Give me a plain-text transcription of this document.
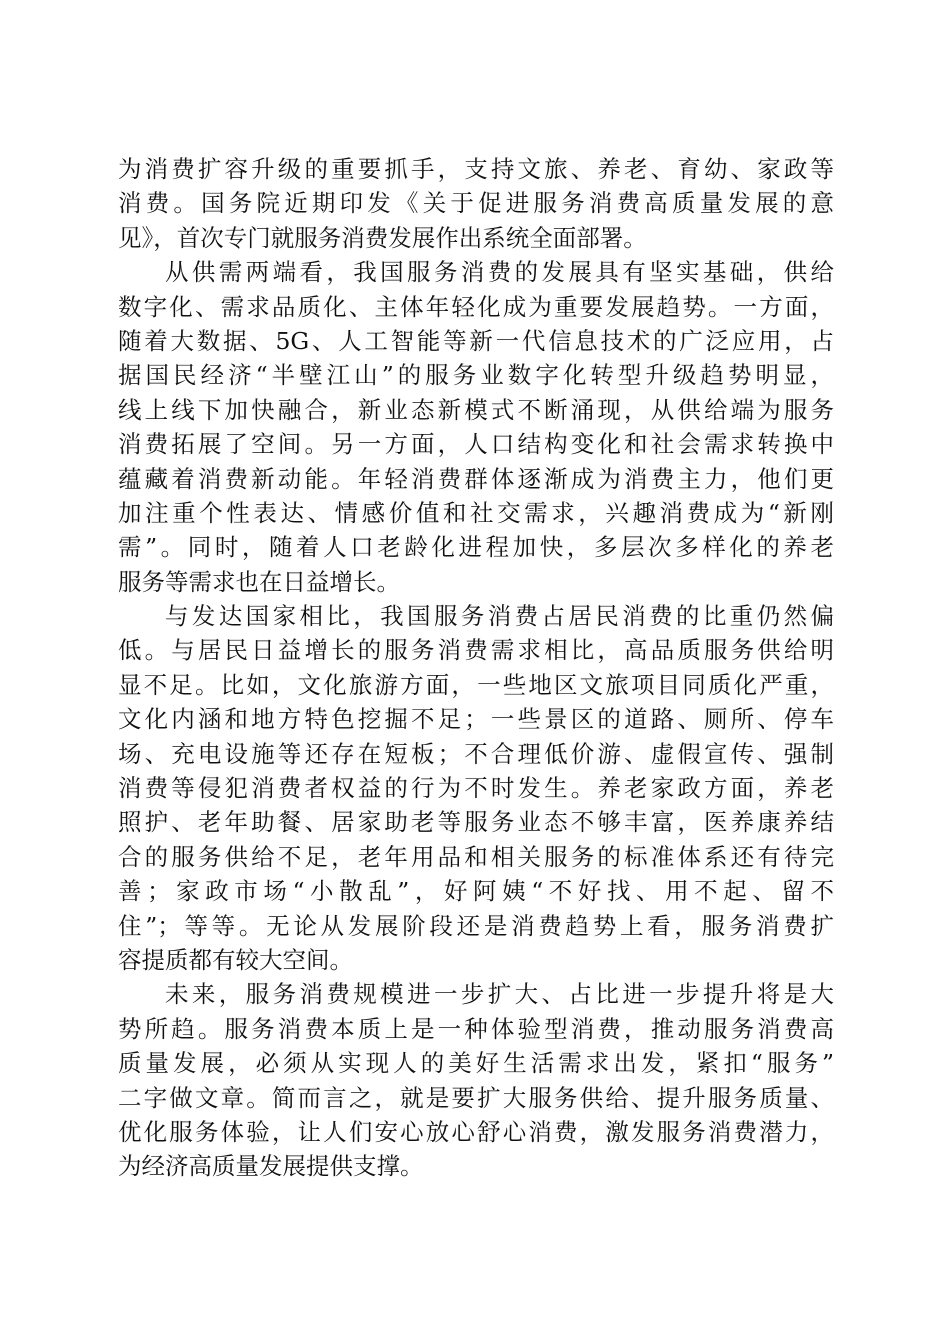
为消费扩容升级的重要抓手，支持文旅、养老、育幼、家政等
消费。国务院近期印发《关于促进服务消费高质量发展的意
见》，首次专门就服务消费发展作出系统全面部署。
从供需两端看，我国服务消费的发展具有坚实基础，供给
数字化、需求品质化、主体年轻化成为重要发展趋势。一方面，
随着大数据、5G、人工智能等新一代信息技术的广泛应用，占
据国民经济“半壁江山”的服务业数字化转型升级趋势明显，
线上线下加快融合，新业态新模式不断涌现，从供给端为服务
消费拓展了空间。另一方面，人口结构变化和社会需求转换中
蕴藏着消费新动能。年轻消费群体逐渐成为消费主力，他们更
加注重个性表达、情感价值和社交需求，兴趣消费成为“新刚
需”。同时，随着人口老龄化进程加快，多层次多样化的养老
服务等需求也在日益增长。
与发达国家相比，我国服务消费占居民消费的比重仍然偏
低。与居民日益增长的服务消费需求相比，高品质服务供给明
显不足。比如，文化旅游方面，一些地区文旅项目同质化严重，
文化内涵和地方特色挖掘不足；一些景区的道路、厕所、停车
场、充电设施等还存在短板；不合理低价游、虚假宣传、强制
消费等侵犯消费者权益的行为不时发生。养老家政方面，养老
照护、老年助餐、居家助老等服务业态不够丰富，医养康养结
合的服务供给不足，老年用品和相关服务的标准体系还有待完
善；家政市场“小散乱”，好阿姨“不好找、用不起、留不
住”；等等。无论从发展阶段还是消费趋势上看，服务消费扩
容提质都有较大空间。
未来，服务消费规模进一步扩大、占比进一步提升将是大
势所趋。服务消费本质上是一种体验型消费，推动服务消费高
质量发展，必须从实现人的美好生活需求出发，紧扣“服务”
二字做文章。简而言之，就是要扩大服务供给、提升服务质量、
优化服务体验，让人们安心放心舒心消费，激发服务消费潜力，
为经济高质量发展提供支撑。
